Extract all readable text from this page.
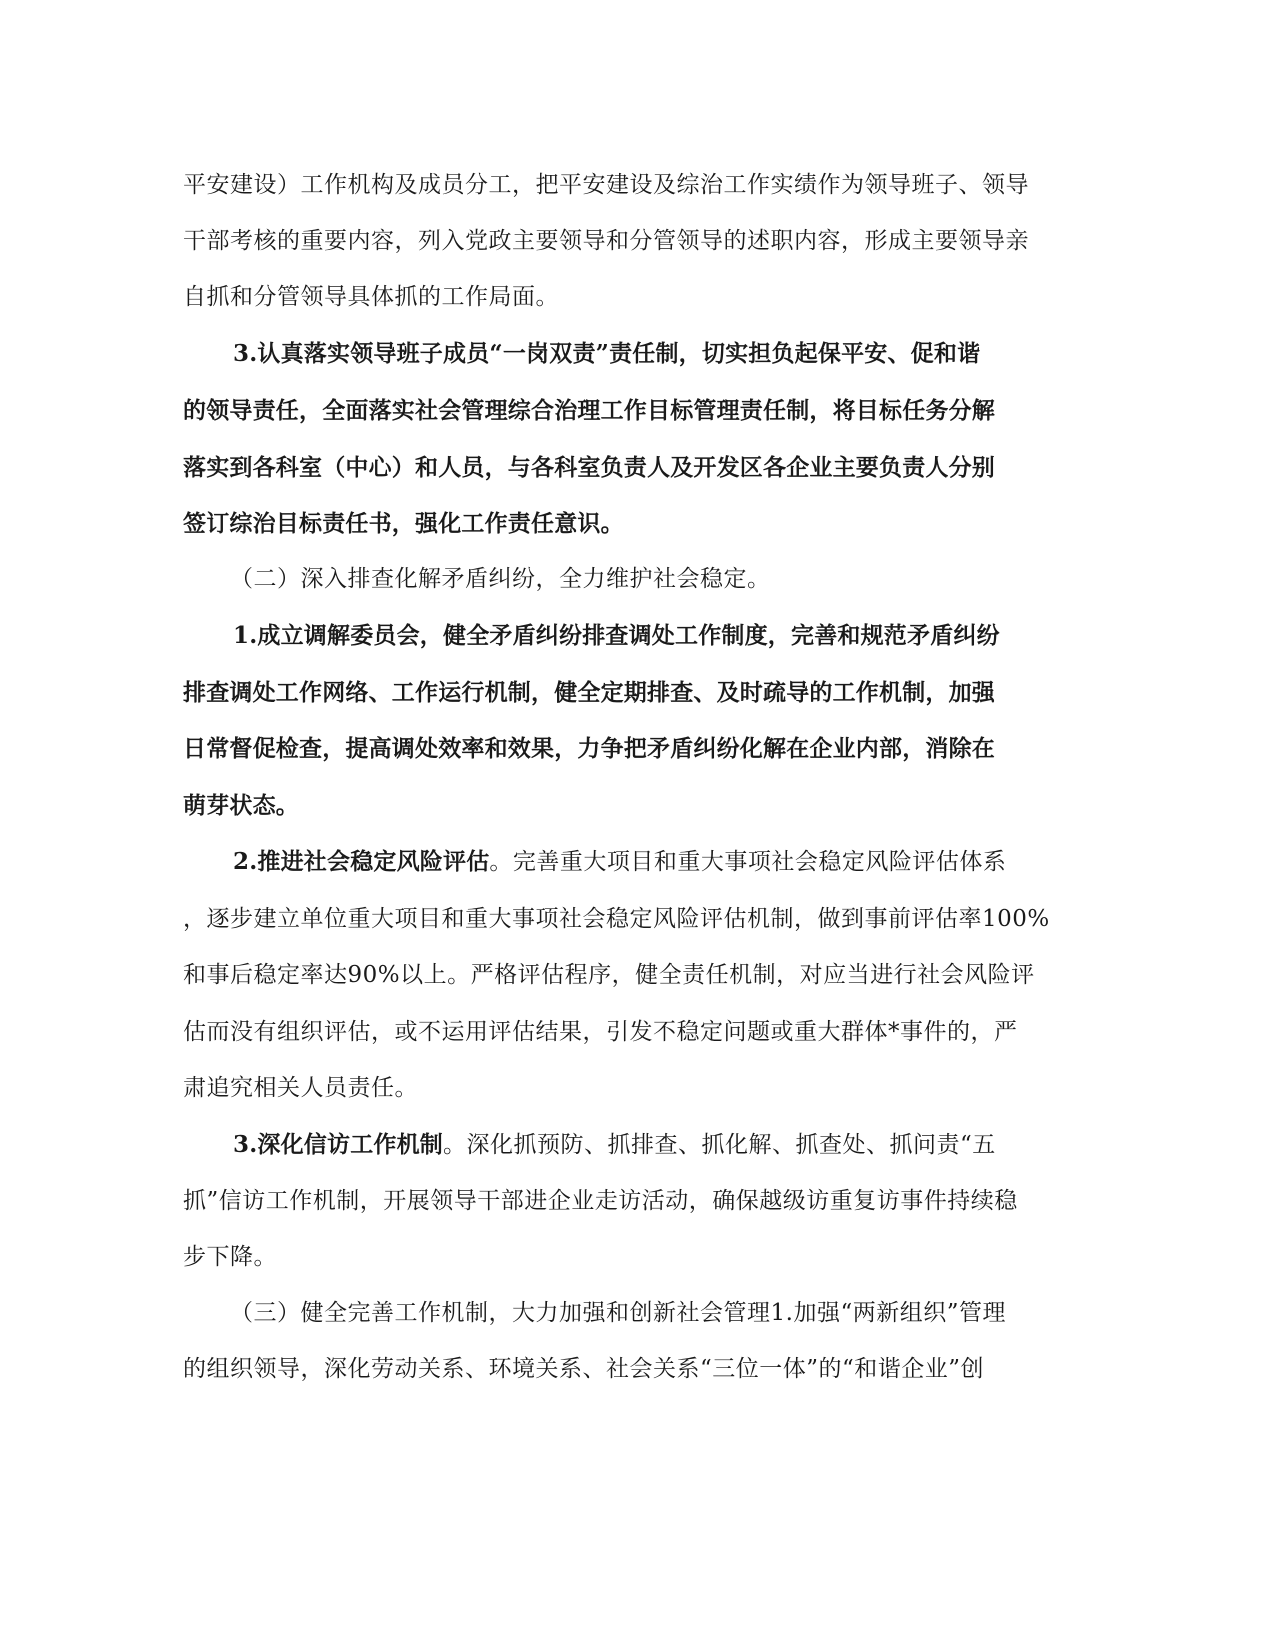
平安建设）工作机构及成员分工，把平安建设及综治工作实绩作为领导班子、领导
干部考核的重要内容，列入党政主要领导和分管领导的述职内容，形成主要领导亲
自抓和分管领导具体抓的工作局面。
3.认真落实领导班子成员“一岗双责”责任制，切实担负起保平安、促和谐
的领导责任，全面落实社会管理综合治理工作目标管理责任制，将目标任务分解
落实到各科室（中心）和人员，与各科室负责人及开发区各企业主要负责人分别
签订综治目标责任书，强化工作责任意识。
（二）深入排查化解矛盾纠纷，全力维护社会稳定。
1.成立调解委员会，健全矛盾纠纷排查调处工作制度，完善和规范矛盾纠纷
排查调处工作网络、工作运行机制，健全定期排查、及时疏导的工作机制，加强
日常督促检查，提高调处效率和效果，力争把矛盾纠纷化解在企业内部，消除在
萌芽状态。
2.推进社会稳定风险评估。完善重大项目和重大事项社会稳定风险评估体系
，逐步建立单位重大项目和重大事项社会稳定风险评估机制，做到事前评估率100%
和事后稳定率达90%以上。严格评估程序，健全责任机制，对应当进行社会风险评
估而没有组织评估，或不运用评估结果，引发不稳定问题或重大群体*事件的，严
肃追究相关人员责任。
3.深化信访工作机制。深化抓预防、抓排查、抓化解、抓查处、抓问责“五
抓”信访工作机制，开展领导干部进企业走访活动，确保越级访重复访事件持续稳
步下降。
（三）健全完善工作机制，大力加强和创新社会管理1.加强“两新组织”管理
的组织领导，深化劳动关系、环境关系、社会关系“三位一体”的“和谐企业”创
